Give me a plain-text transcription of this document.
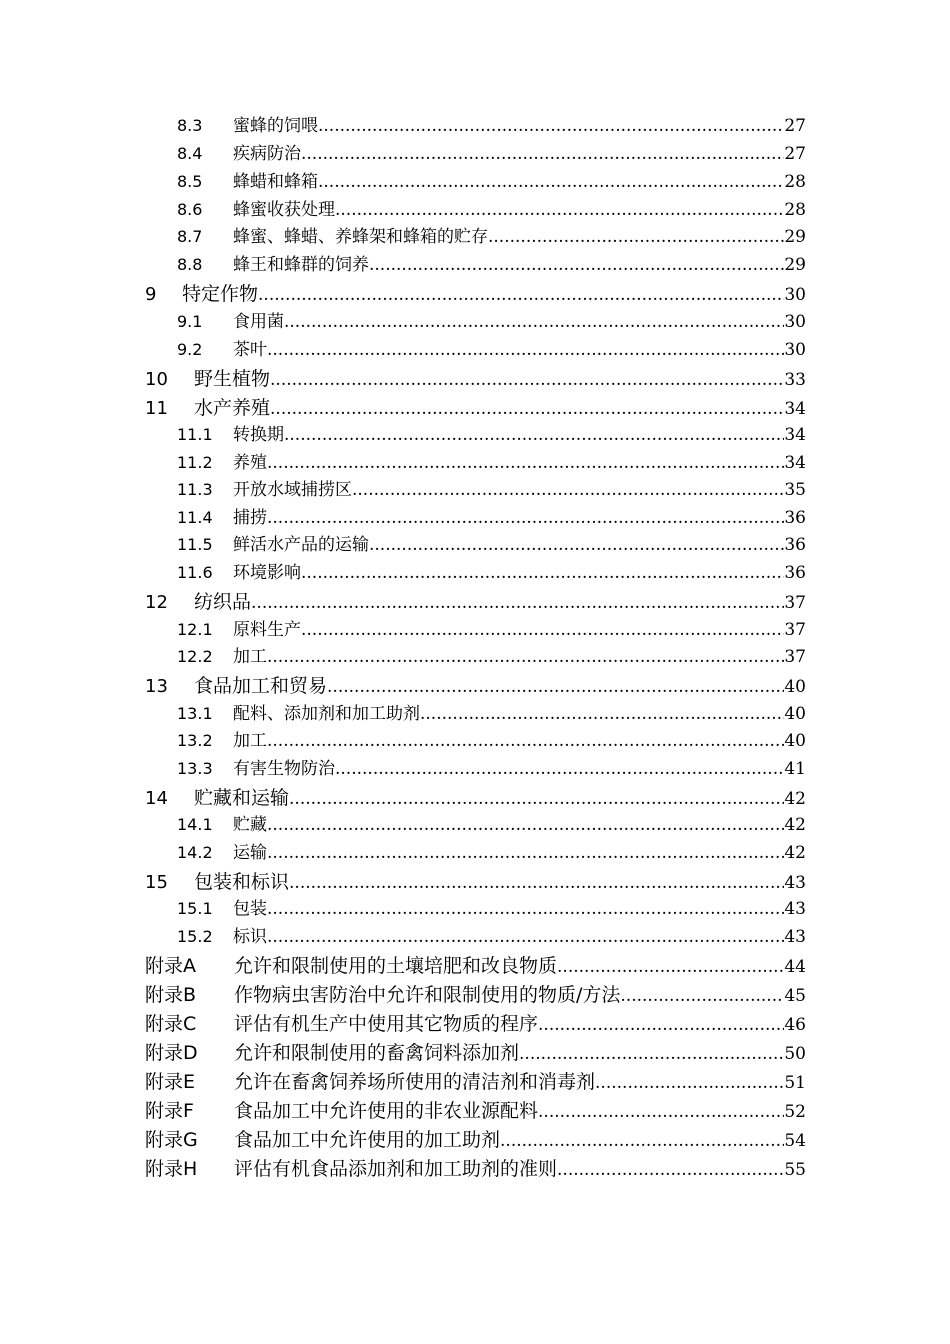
8.3	蜜蜂的饲喂 .....	27
8.4	疾病防治 .....	27
8.5	蜂蜡和蜂箱 .....	28
8.6	蜂蜜收获处理 .....	28
8.7	蜂蜜、蜂蜡、养蜂架和蜂箱的贮存 .....	29
8.8	蜂王和蜂群的饲养 .....	29
9	特定作物 .....	30
9.1	食用菌 .....	30
9.2	茶叶 .....	30
10	野生植物 .....	33
11	水产养殖 .....	34
11.1	转换期 .....	34
11.2	养殖 .....	34
11.3	开放水域捕捞区 .....	35
11.4	捕捞 .....	36
11.5	鲜活水产品的运输 .....	36
11.6	环境影响 .....	36
12	纺织品 .....	37
12.1	原料生产 .....	37
12.2	加工 .....	37
13	食品加工和贸易 .....	40
13.1	配料、添加剂和加工助剂 .....	40
13.2	加工 .....	40
13.3	有害生物防治 .....	41
14	贮藏和运输 .....	42
14.1	贮藏 .....	42
14.2	运输 .....	42
15	包装和标识 .....	43
15.1	包装 .....	43
15.2	标识 .....	43
附录A	允许和限制使用的土壤培肥和改良物质 .....	44
附录B	作物病虫害防治中允许和限制使用的物质/方法 .....	45
附录C	评估有机生产中使用其它物质的程序 .....	46
附录D	允许和限制使用的畜禽饲料添加剂 .....	50
附录E	允许在畜禽饲养场所使用的清洁剂和消毒剂 .....	51
附录F	食品加工中允许使用的非农业源配料 .....	52
附录G	食品加工中允许使用的加工助剂 .....	54
附录H	评估有机食品添加剂和加工助剂的准则 .....	55
